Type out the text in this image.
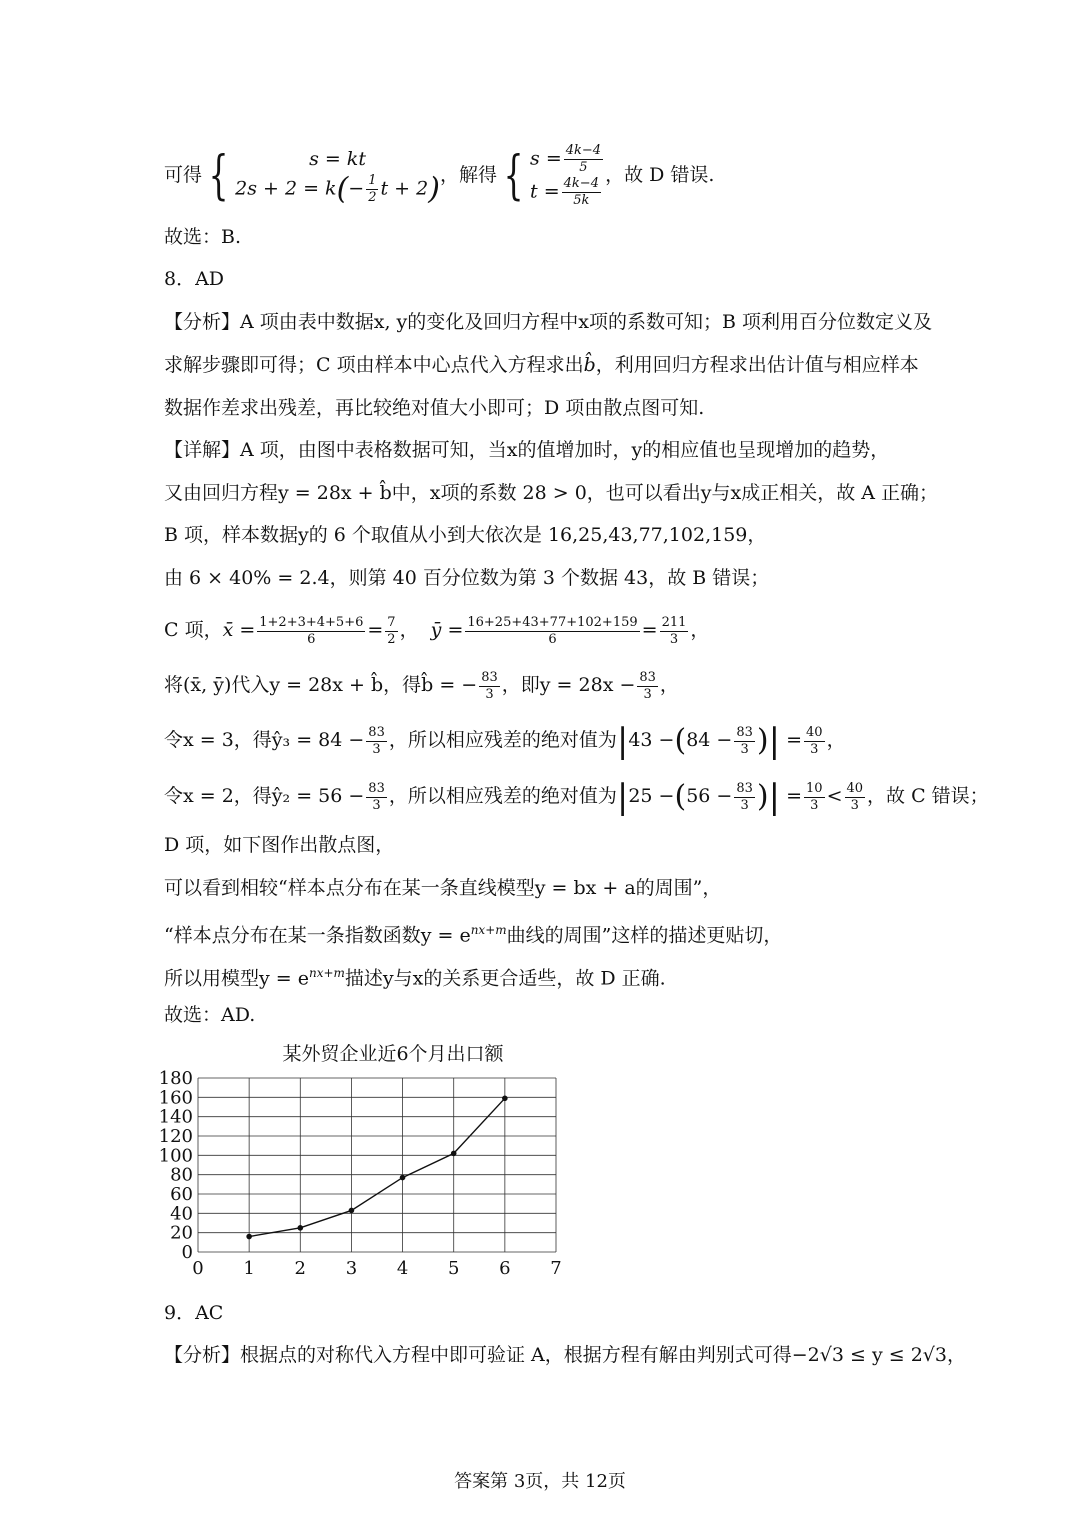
可得 {	s = kt
$2s + 2 = k(- \frac{1}{2}$ t + 2) ，解得 { $s = \frac{4k-4}{5}$
$t = \frac{4k-4}{5k}$
，故 D 错误.
故选：B.
8．AD
【分析】A 项由表中数据x, y的变化及回归方程中x项的系数可知；B 项利用百分位数定义及
求解步骤即可得；C 项由样本中心点代入方程求出b̂，利用回归方程求出估计值与相应样本
数据作差求出残差，再比较绝对值大小即可；D 项由散点图可知.
【详解】A 项，由图中表格数据可知，当x的值增加时，y的相应值也呈现增加的趋势，
又由回归方程y = 28x + b̂中，x项的系数 28 > 0，也可以看出y与x成正相关，故 A 正确；
B 项，样本数据y的 6 个取值从小到大依次是 16,25,43,77,102,159，
由 6 × 40% = 2.4，则第 40 百分位数为第 3 个数据 43，故 B 错误；
C 项，x̄ = $\frac{1+2+3+4+5+6}{6} = \frac{7}{2}$ ， ȳ = $\frac{16+25+43+77+102+159}{6} = \frac{211}{3}$ ，
将(x̄, ȳ)代入y = 28x + b̂，得b̂ = − $\frac{83}{3}$ ，即$y = 28x - \frac{83}{3}$ ，
令x = 3，得ŷ₃ = $84 - \frac{83}{3}$ ，所以相应残差的绝对值为$|43 -(84 - \frac{83}{3}$ )| = $\frac{40}{3}$ ，
令x = 2，得ŷ₂ = $56 - \frac{83}{3}$ ，所以相应残差的绝对值为$|25 -(56 - \frac{83}{3}$ )| = $\frac{10}{3} < \frac{40}{3}$ ，故 C 错误；
D 项，如下图作出散点图，
可以看到相较“样本点分布在某一条直线模型y = bx + a的周围”，
“样本点分布在某一条指数函数$y = e^{nx+m}$曲线的周围”这样的描述更贴切，
所以用模型$y = e^{nx+m}$描述y与x的关系更合适些，故 D 正确.
故选：AD.
某外贸企业近6个月出口额
0
20
40
60
80
100
120
140
160
180
0 1 2 3 4 5 6 7
9．AC
【分析】根据点的对称代入方程中即可验证 A，根据方程有解由判别式可得−2√3 ≤ y ≤ 2√3，
答案第 3页，共 12页
